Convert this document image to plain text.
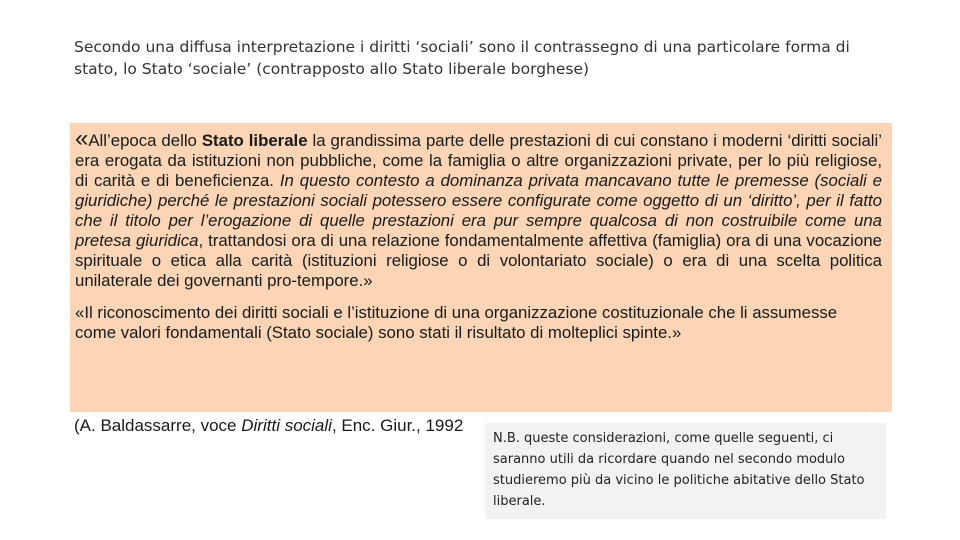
Secondo una diffusa interpretazione i diritti ‘sociali’ sono il contrassegno di una particolare forma di stato, lo Stato ‘sociale’ (contrapposto allo Stato liberale borghese)

«All’epoca dello Stato liberale la grandissima parte delle prestazioni di cui constano i moderni ‘diritti sociali’ era erogata da istituzioni non pubbliche, come la famiglia o altre organizzazioni private, per lo più religiose, di carità e di beneficienza. In questo contesto a dominanza privata mancavano tutte le premesse (sociali e giuridiche) perché le prestazioni sociali potessero essere configurate come oggetto di un ‘diritto’, per il fatto che il titolo per l’erogazione di quelle prestazioni era pur sempre qualcosa di non costruibile come una pretesa giuridica, trattandosi ora di una relazione fondamentalmente affettiva (famiglia) ora di una vocazione spirituale o etica alla carità (istituzioni religiose o di volontariato sociale) o era di una scelta politica unilaterale dei governanti pro-tempore.»

«Il riconoscimento dei diritti sociali e l’istituzione di una organizzazione costituzionale che li assumesse come valori fondamentali (Stato sociale) sono stati il risultato di molteplici spinte.»

(A. Baldassarre, voce Diritti sociali, Enc. Giur., 1992
N.B. queste considerazioni, come quelle seguenti, ci saranno utili da ricordare quando nel secondo modulo studieremo più da vicino le politiche abitative dello Stato liberale.
